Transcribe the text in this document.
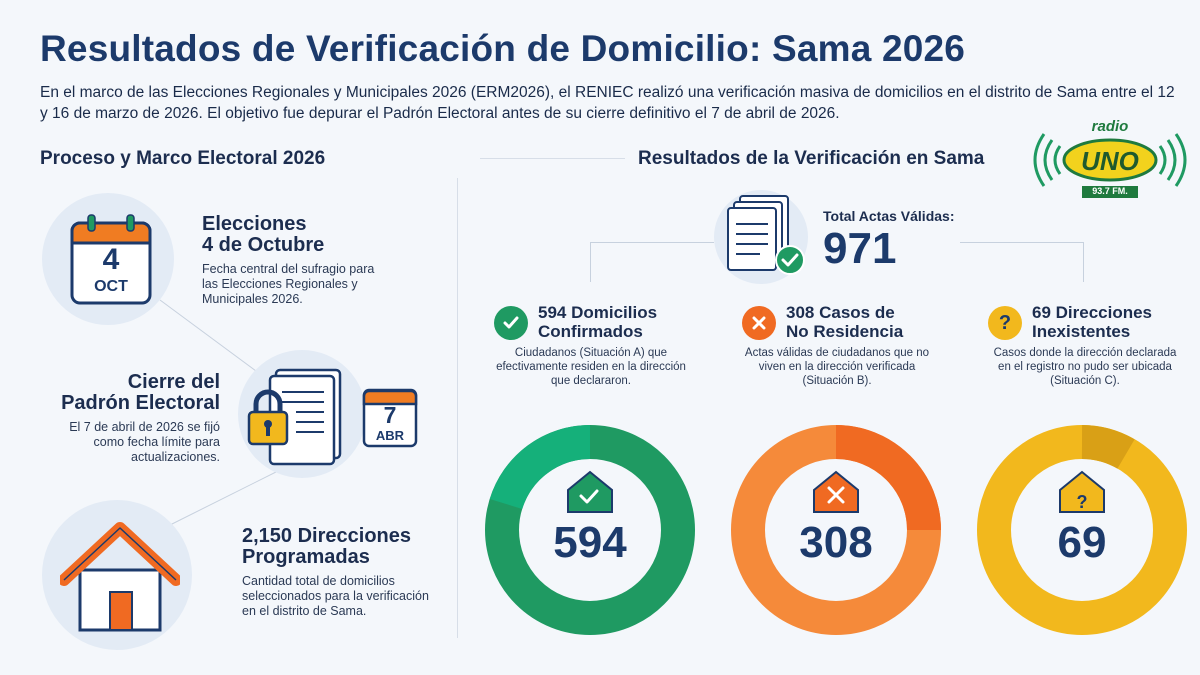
Resultados de Verificación de Domicilio: Sama 2026
En el marco de las Elecciones Regionales y Municipales 2026 (ERM2026), el RENIEC realizó una verificación masiva de domicilios en el distrito de Sama entre el 12 y 16 de marzo de 2026. El objetivo fue depurar el Padrón Electoral antes de su cierre definitivo el 7 de abril de 2026.
Proceso y Marco Electoral 2026
4
OCT
Elecciones
4 de Octubre
Fecha central del sufragio para las Elecciones Regionales y Municipales 2026.
Cierre del
Padrón Electoral
El 7 de abril de 2026 se fijó como fecha límite para actualizaciones.
7
ABR
2,150 Direcciones
Programadas
Cantidad total de domicilios seleccionados para la verificación en el distrito de Sama.
Resultados de la Verificación en Sama
radio
UNO
93.7 FM.
Total Actas Válidas:
971
594 Domicilios
Confirmados
Ciudadanos (Situación A) que efectivamente residen en la dirección que declararon.
308 Casos de
No Residencia
Actas válidas de ciudadanos que no viven en la dirección verificada (Situación B).
? 69 Direcciones
Inexistentes
Casos donde la dirección declarada en el registro no pudo ser ubicada (Situación C).
?
594	308	69
